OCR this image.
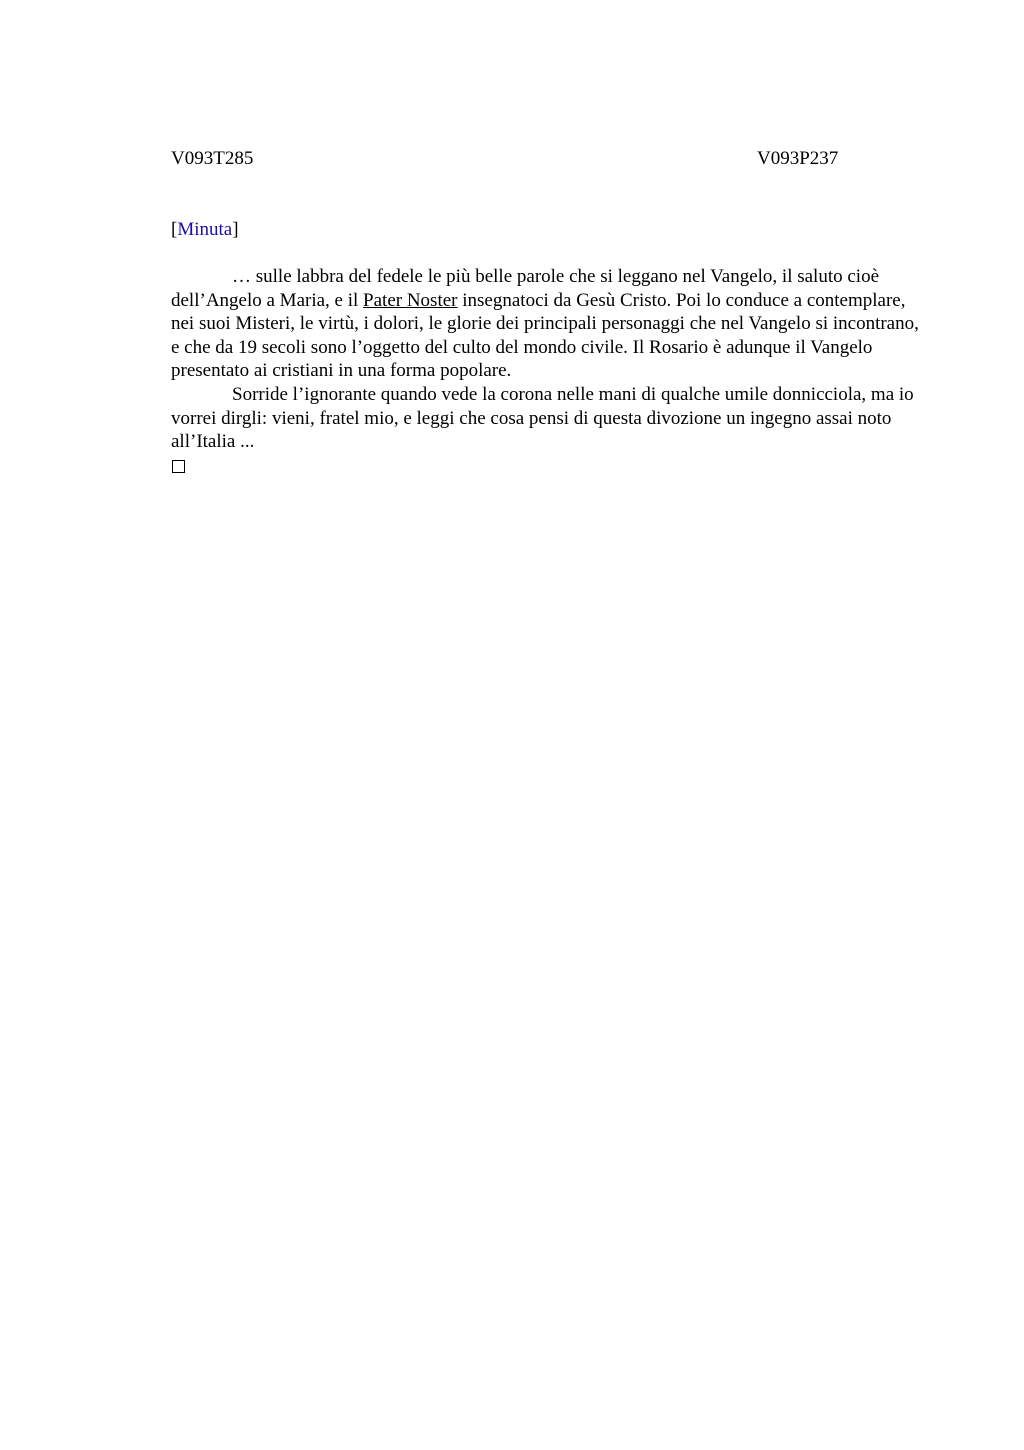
V093T285	V093P237
[Minuta]

… sulle labbra del fedele le più belle parole che si leggano nel Vangelo, il saluto cioè dell’Angelo a Maria, e il Pater Noster insegnatoci da Gesù Cristo. Poi lo conduce a contemplare, nei suoi Misteri, le virtù, i dolori, le glorie dei principali personaggi che nel Vangelo si incontrano, e che da 19 secoli sono l’oggetto del culto del mondo civile. Il Rosario è adunque il Vangelo presentato ai cristiani in una forma popolare.

Sorride l’ignorante quando vede la corona nelle mani di qualche umile donnicciola, ma io vorrei dirgli: vieni, fratel mio, e leggi che cosa pensi di questa divozione un ingegno assai noto all’Italia ...
